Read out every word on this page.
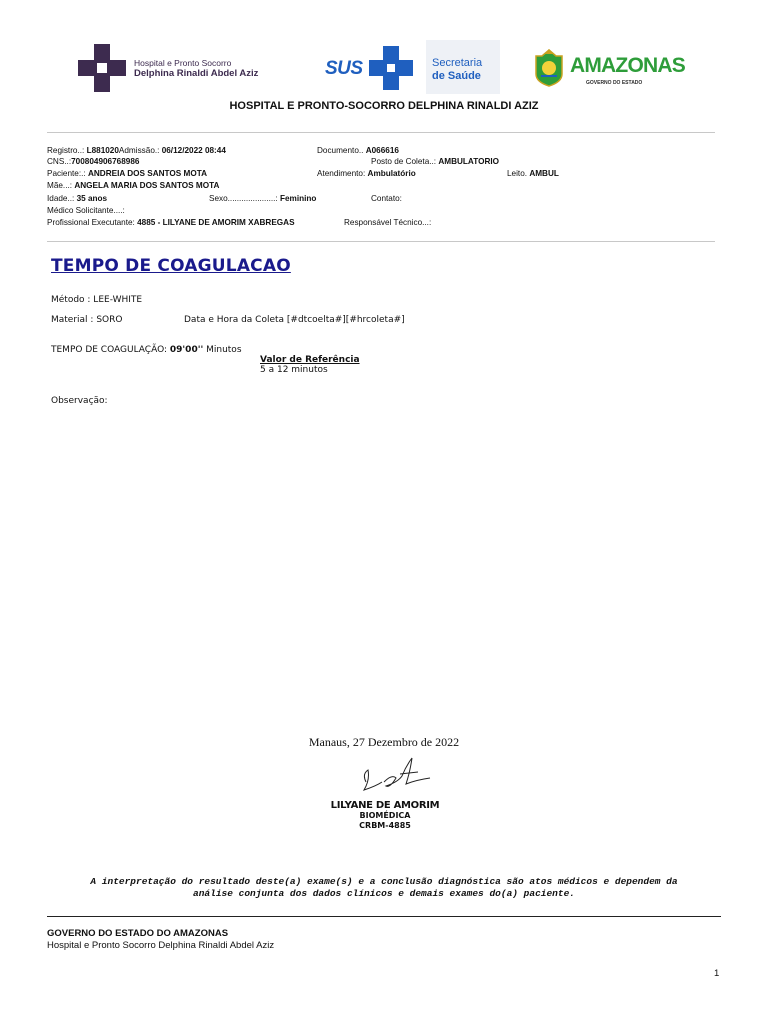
Hospital e Pronto Socorro
Delphina Rinaldi Abdel Aziz	SUS	Secretaria
de Saúde	AMAZONAS
GOVERNO DO ESTADO
HOSPITAL E PRONTO-SOCORRO DELPHINA RINALDI AZIZ
Registro..: L881020Admissão.: 06/12/2022 08:44	Documento.. A066616
CNS..:700804906768986	Posto de Coleta..: AMBULATORIO
Paciente:.: ANDREIA DOS SANTOS MOTA	Atendimento: Ambulatório	Leito. AMBUL
Mãe...: ANGELA MARIA DOS SANTOS MOTA
Idade..: 35 anos	Sexo.....................: Feminino	Contato:
Médico Solicitante....:
Profissional Executante: 4885 - LILYANE DE AMORIM XABREGAS	Responsável Técnico...:
TEMPO DE COAGULACAO
Método : LEE-WHITE
Material : SORO	Data e Hora da Coleta [#dtcoelta#][#hrcoleta#]
TEMPO DE COAGULAÇÃO: 09'00'' Minutos
Valor de Referência
5 a 12 minutos
Observação:
Manaus, 27 Dezembro de 2022
LILYANE DE AMORIM
BIOMÉDICA
CRBM-4885
A interpretação do resultado deste(a) exame(s) e a conclusão diagnóstica são atos médicos e dependem da
análise conjunta dos dados clínicos e demais exames do(a) paciente.
GOVERNO DO ESTADO DO AMAZONAS
Hospital e Pronto Socorro Delphina Rinaldi Abdel Aziz
1
